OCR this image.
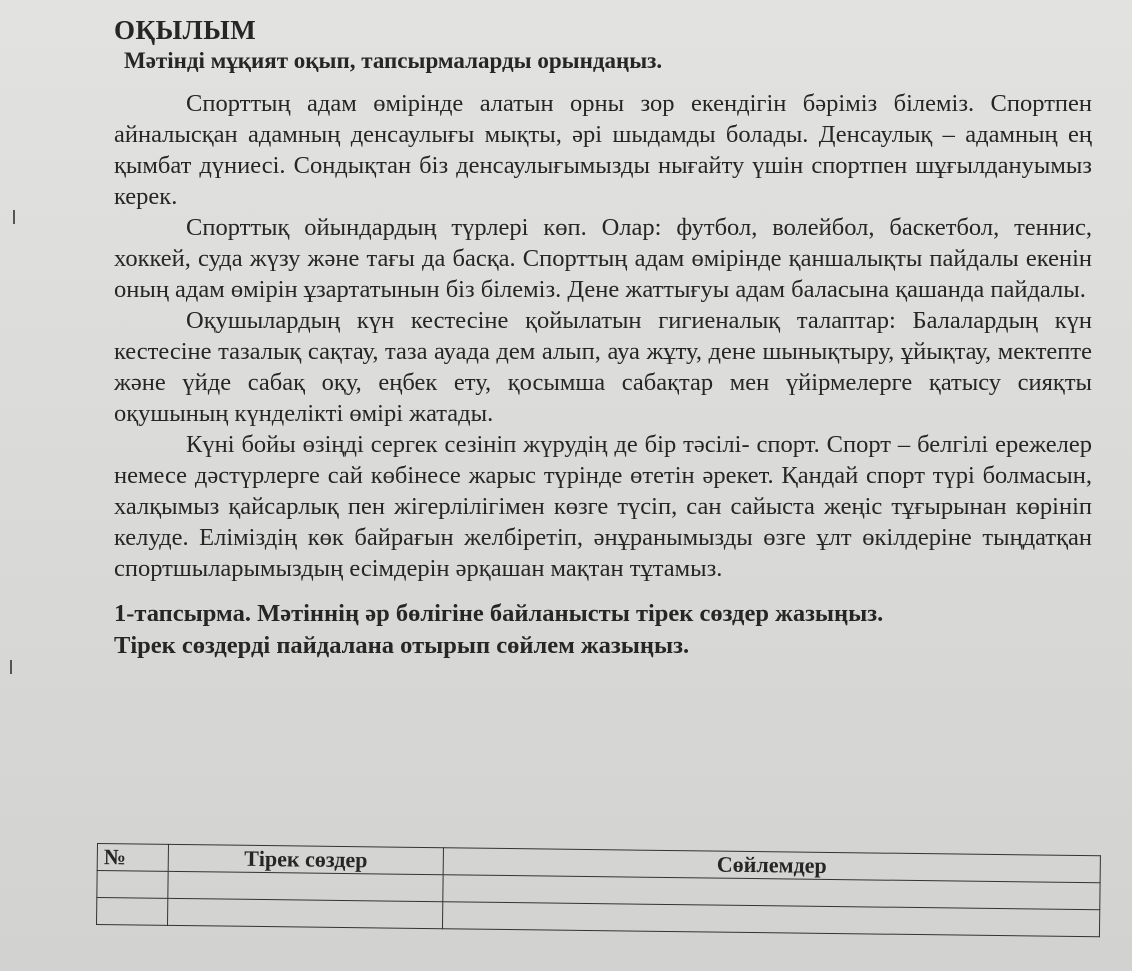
ОҚЫЛЫМ

Мәтінді мұқият оқып, тапсырмаларды орындаңыз.

Спорттың адам өмірінде алатын орны зор екендігін бәріміз білеміз. Спортпен айналысқан адамның денсаулығы мықты, әрі шыдамды болады. Денсаулық – адамның ең қымбат дүниесі. Сондықтан біз денсаулығымызды нығайту үшін спортпен шұғылдануымыз керек.

Спорттық ойындардың түрлері көп. Олар: футбол, волейбол, баскетбол, теннис, хоккей, суда жүзу және тағы да басқа. Спорттың адам өмірінде қаншалықты пайдалы екенін оның адам өмірін ұзартатынын біз білеміз. Дене жаттығуы адам баласына қашанда пайдалы.

Оқушылардың күн кестесіне қойылатын гигиеналық талаптар: Балалардың күн кестесіне тазалық сақтау, таза ауада дем алып, ауа жұту, дене шынықтыру, ұйықтау, мектепте және үйде сабақ оқу, еңбек ету, қосымша сабақтар мен үйірмелерге қатысу сияқты оқушының күнделікті өмірі жатады.

Күні бойы өзіңді сергек сезініп жүрудің де бір тәсілі- спорт. Спорт – белгілі ережелер немесе дәстүрлерге сай көбінесе жарыс түрінде өтетін әрекет. Қандай спорт түрі болмасын, халқымыз қайсарлық пен жігерлілігімен көзге түсіп, сан сайыста жеңіс тұғырынан көрініп келуде. Еліміздің көк байрағын желбіретіп, әнұранымызды өзге ұлт өкілдеріне тыңдатқан спортшыларымыздың есімдерін әрқашан мақтан тұтамыз.

1-тапсырма. Мәтіннің әр бөлігіне байланысты тірек сөздер жазыңыз.
Тірек сөздерді пайдалана отырып сөйлем жазыңыз.

№	Тірек сөздер	Сөйлемдер
